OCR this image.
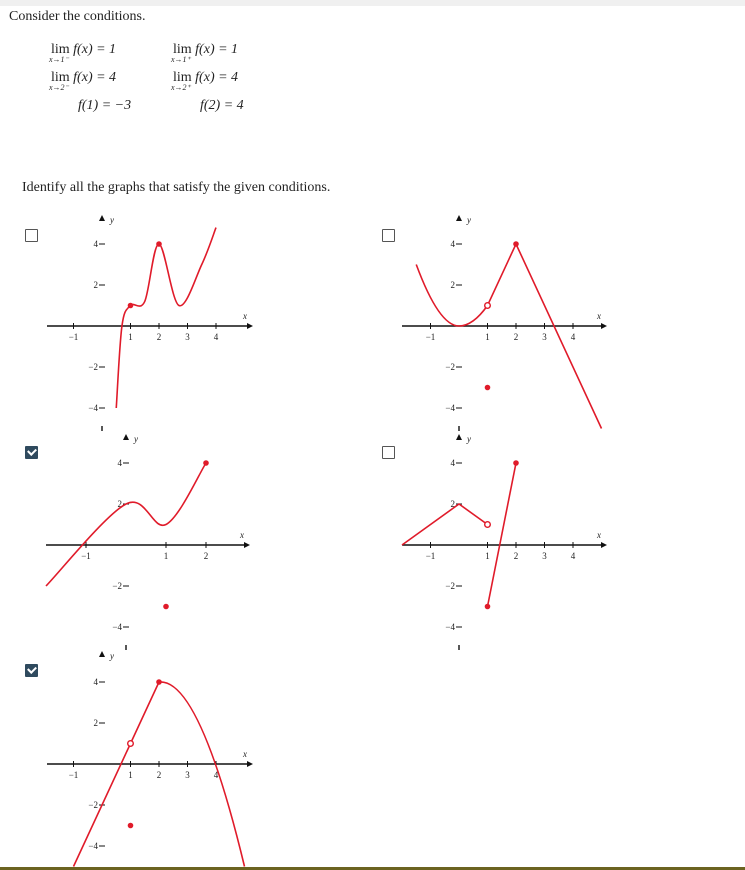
Consider the conditions.
lim
x→1⁻
f(x) = 1	lim
x→1⁺
f(x) = 1
lim
x→2⁻
f(x) = 4	lim
x→2⁺
f(x) = 4
f(1) = −3	f(2) = 4
Identify all the graphs that satisfy the given conditions.
x
y
−1	1	2	3	4
4
2
−2
−4
x
y
−1	1	2	3	4
4
2
−2
−4
x
y
−1	1	2
4
2
−2
−4
x
y
−1	1	2	3	4
4
2
−2
−4
x
y
−1	1	2	3	4
4
2
−2
−4
